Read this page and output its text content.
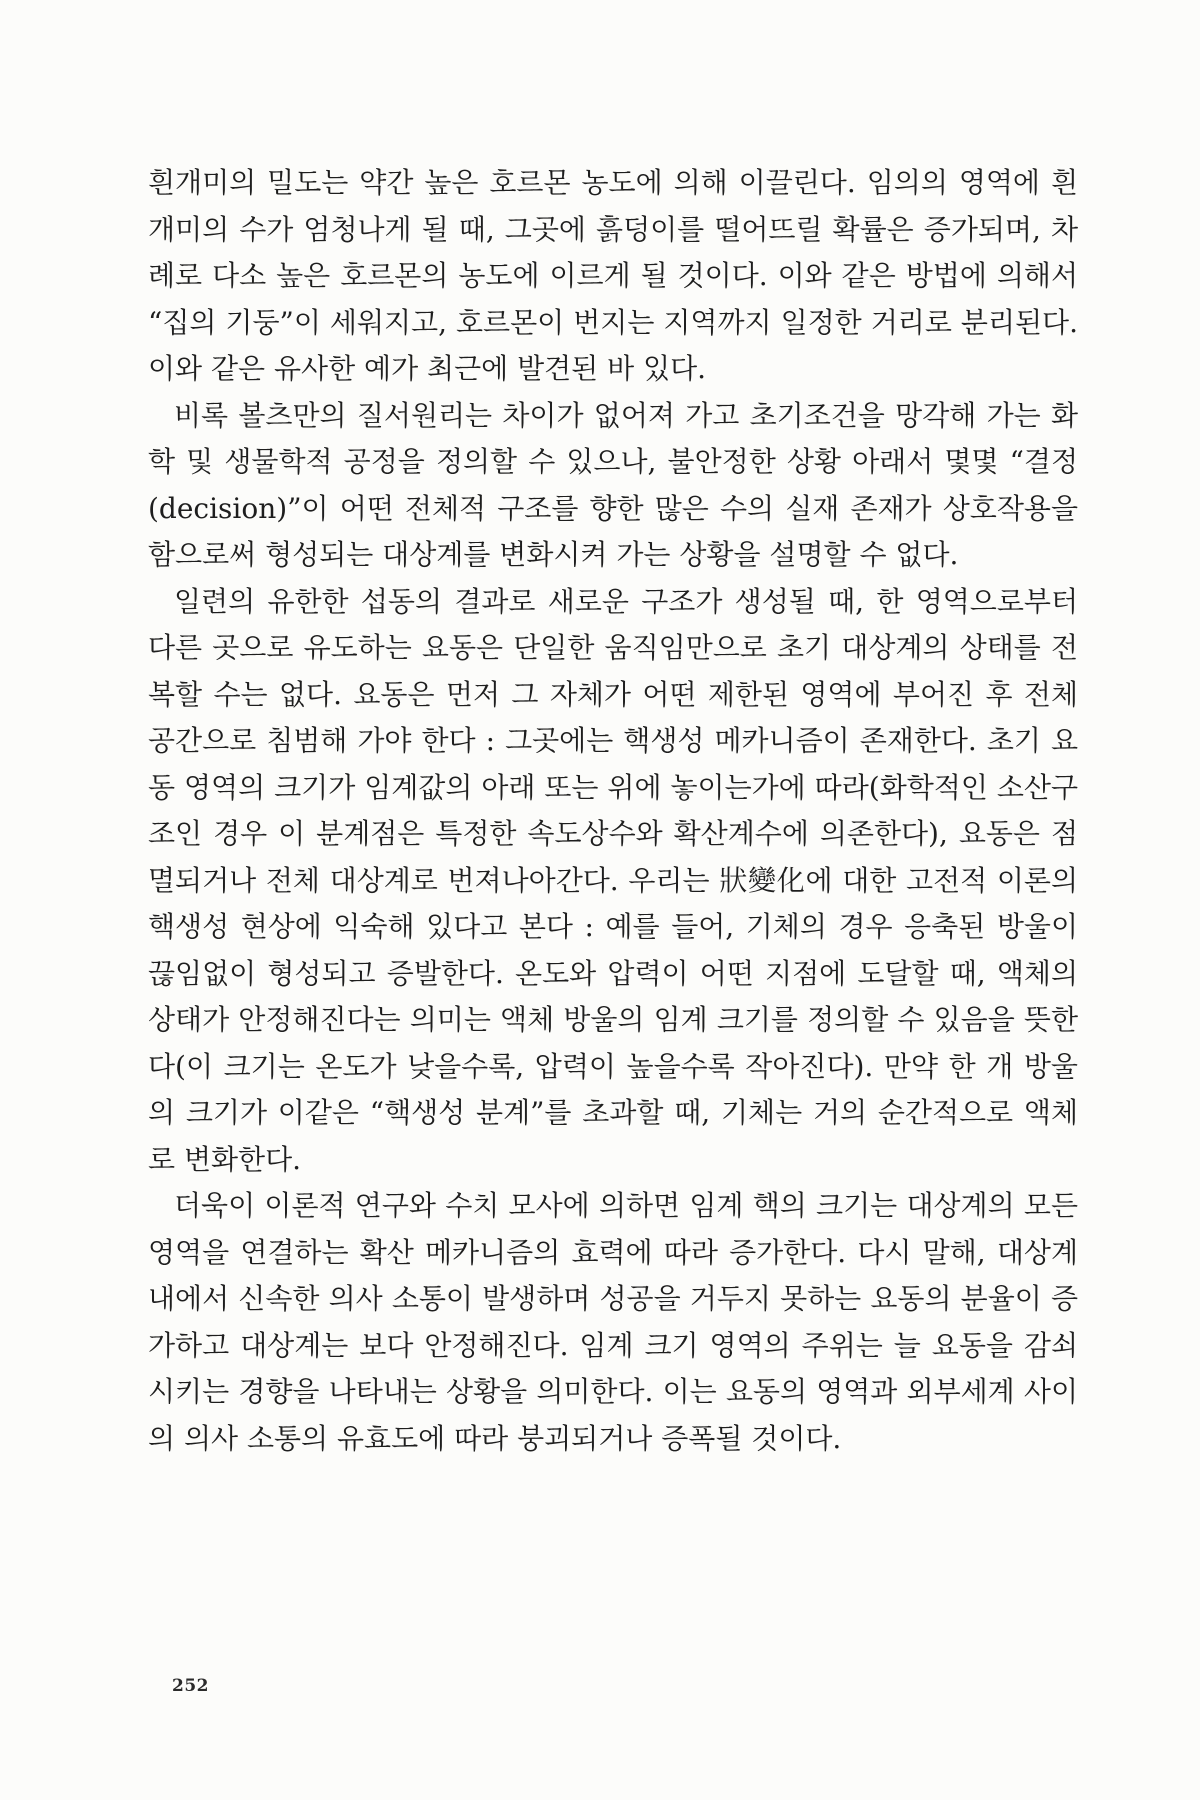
흰개미의 밀도는 약간 높은 호르몬 농도에 의해 이끌린다. 임의의 영역에 흰개미의 수가 엄청나게 될 때, 그곳에 흙덩이를 떨어뜨릴 확률은 증가되며, 차례로 다소 높은 호르몬의 농도에 이르게 될 것이다. 이와 같은 방법에 의해서 “집의 기둥”이 세워지고, 호르몬이 번지는 지역까지 일정한 거리로 분리된다. 이와 같은 유사한 예가 최근에 발견된 바 있다.

비록 볼츠만의 질서원리는 차이가 없어져 가고 초기조건을 망각해 가는 화학 및 생물학적 공정을 정의할 수 있으나, 불안정한 상황 아래서 몇몇 “결정(decision)”이 어떤 전체적 구조를 향한 많은 수의 실재 존재가 상호작용을 함으로써 형성되는 대상계를 변화시켜 가는 상황을 설명할 수 없다.

일련의 유한한 섭동의 결과로 새로운 구조가 생성될 때, 한 영역으로부터 다른 곳으로 유도하는 요동은 단일한 움직임만으로 초기 대상계의 상태를 전복할 수는 없다. 요동은 먼저 그 자체가 어떤 제한된 영역에 부어진 후 전체 공간으로 침범해 가야 한다 : 그곳에는 핵생성 메카니즘이 존재한다. 초기 요동 영역의 크기가 임계값의 아래 또는 위에 놓이는가에 따라(화학적인 소산구조인 경우 이 분계점은 특정한 속도상수와 확산계수에 의존한다), 요동은 점멸되거나 전체 대상계로 번져나아간다. 우리는 狀變化에 대한 고전적 이론의 핵생성 현상에 익숙해 있다고 본다 : 예를 들어, 기체의 경우 응축된 방울이 끊임없이 형성되고 증발한다. 온도와 압력이 어떤 지점에 도달할 때, 액체의 상태가 안정해진다는 의미는 액체 방울의 임계 크기를 정의할 수 있음을 뜻한다(이 크기는 온도가 낮을수록, 압력이 높을수록 작아진다). 만약 한 개 방울의 크기가 이같은 “핵생성 분계”를 초과할 때, 기체는 거의 순간적으로 액체로 변화한다.

더욱이 이론적 연구와 수치 모사에 의하면 임계 핵의 크기는 대상계의 모든 영역을 연결하는 확산 메카니즘의 효력에 따라 증가한다. 다시 말해, 대상계 내에서 신속한 의사 소통이 발생하며 성공을 거두지 못하는 요동의 분율이 증가하고 대상계는 보다 안정해진다. 임계 크기 영역의 주위는 늘 요동을 감쇠시키는 경향을 나타내는 상황을 의미한다. 이는 요동의 영역과 외부세계 사이의 의사 소통의 유효도에 따라 붕괴되거나 증폭될 것이다.

252
